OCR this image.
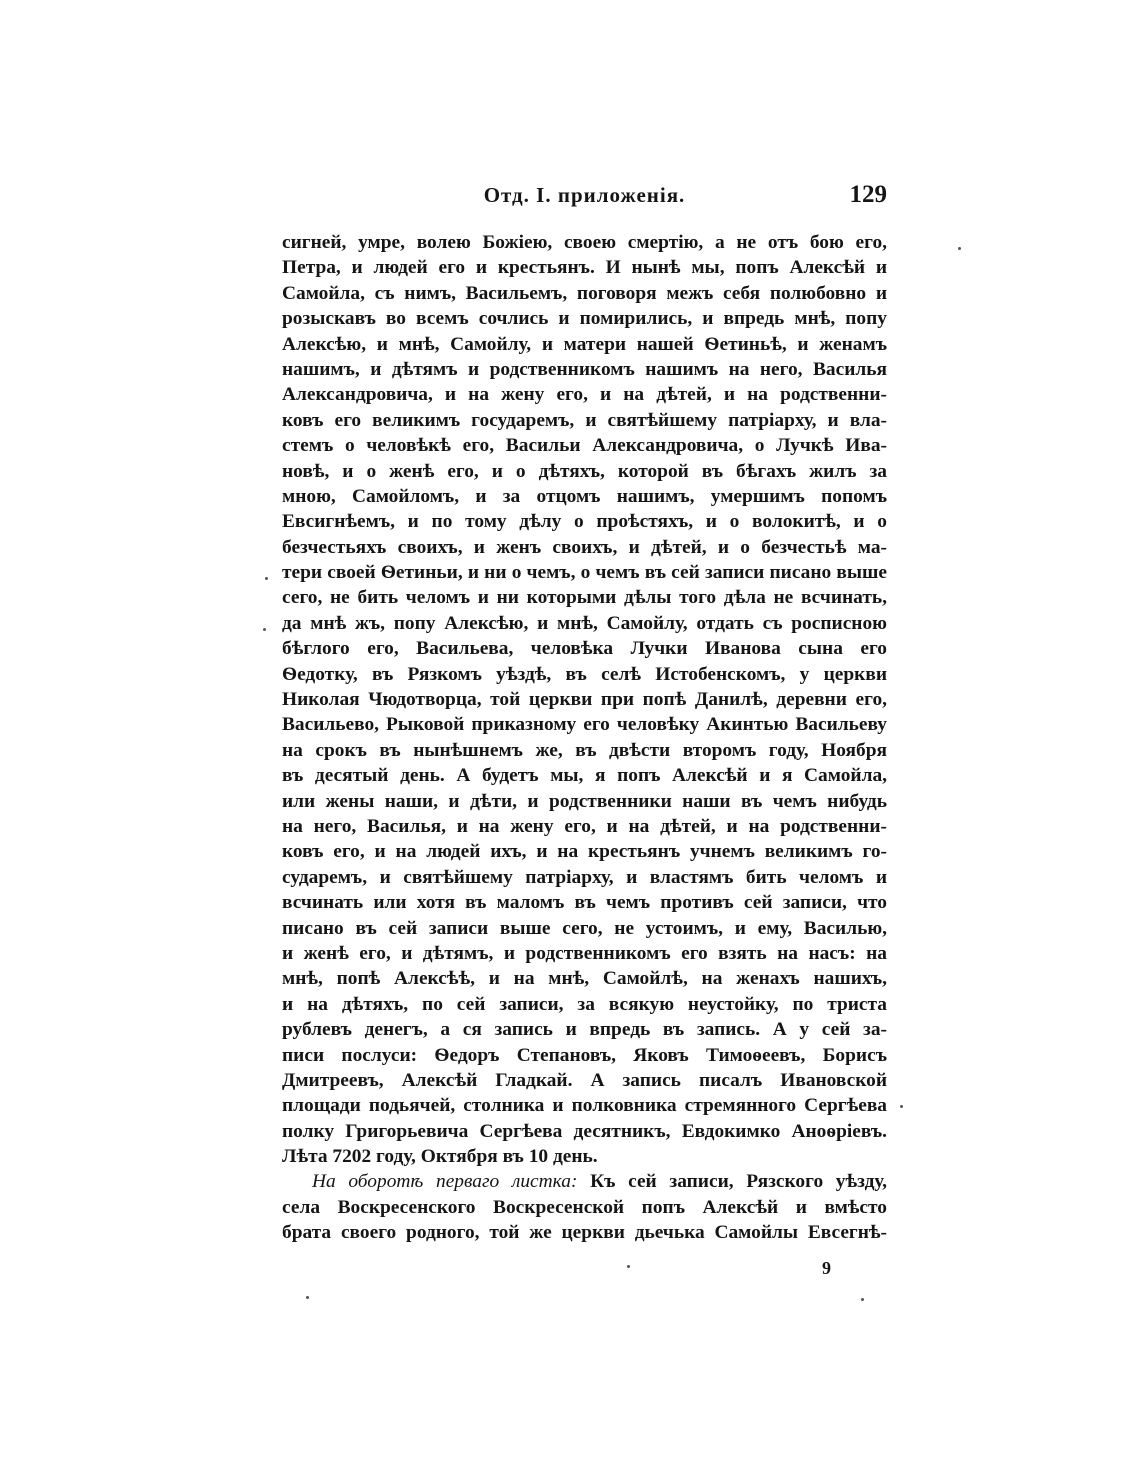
Отд. I. приложенія.	129
сигней, умре, волею Божіею, своею смертію, а не отъ бою его,
Петра, и людей его и крестьянъ. И нынѣ мы, попъ Алексѣй и
Самойла, съ нимъ, Васильемъ, поговоря межъ себя полюбовно и
розыскавъ во всемъ сочлись и помирились, и впредь мнѣ, попу
Алексѣю, и мнѣ, Самойлу, и матери нашей Ѳетиньѣ, и женамъ
нашимъ, и дѣтямъ и родственникомъ нашимъ на него, Василья
Александровича, и на жену его, и на дѣтей, и на родственни-
ковъ его великимъ государемъ, и святѣйшему патріарху, и вла-
стемъ о человѣкѣ его, Васильи Александровича, о Лучкѣ Ива-
новѣ, и о женѣ его, и о дѣтяхъ, которой въ бѣгахъ жилъ за
мною, Самойломъ, и за отцомъ нашимъ, умершимъ попомъ
Евсигнѣемъ, и по тому дѣлу о проѣстяхъ, и о волокитѣ, и о
безчестьяхъ своихъ, и женъ своихъ, и дѣтей, и о безчестьѣ ма-
тери своей Ѳетиньи, и ни о чемъ, о чемъ въ сей записи писано выше
сего, не бить челомъ и ни которыми дѣлы того дѣла не всчинать,
да мнѣ жъ, попу Алексѣю, и мнѣ, Самойлу, отдать съ росписною
бѣглого его, Васильева, человѣка Лучки Иванова сына его
Ѳедотку, въ Рязкомъ уѣздѣ, въ селѣ Истобенскомъ, у церкви
Николая Чюдотворца, той церкви при попѣ Данилѣ, деревни его,
Васильево, Рыковой приказному его человѣку Акинтью Васильеву
на срокъ въ нынѣшнемъ же, въ двѣсти второмъ году, Ноября
въ десятый день. А будетъ мы, я попъ Алексѣй и я Самойла,
или жены наши, и дѣти, и родственники наши въ чемъ нибудь
на него, Василья, и на жену его, и на дѣтей, и на родственни-
ковъ его, и на людей ихъ, и на крестьянъ учнемъ великимъ го-
сударемъ, и святѣйшему патріарху, и властямъ бить челомъ и
всчинать или хотя въ маломъ въ чемъ противъ сей записи, что
писано въ сей записи выше сего, не устоимъ, и ему, Василью,
и женѣ его, и дѣтямъ, и родственникомъ его взять на насъ: на
мнѣ, попѣ Алексѣѣ, и на мнѣ, Самойлѣ, на женахъ нашихъ,
и на дѣтяхъ, по сей записи, за всякую неустойку, по триста
рублевъ денегъ, а ся запись и впредь въ запись. А у сей за-
писи послуси: Ѳедоръ Степановъ, Яковъ Тимоѳеевъ, Борисъ
Дмитреевъ, Алексѣй Гладкай. А запись писалъ Ивановской
площади подьячей, столника и полковника стремянного Сергѣева
полку Григорьевича Сергѣева десятникъ, Евдокимко Аноѳріевъ.
Лѣта 7202 году, Октября въ 10 день.
На оборотѣ перваго листка: Къ сей записи, Рязского уѣзду,
села Воскресенского Воскресенской попъ Алексѣй и вмѣсто
брата своего родного, той же церкви дьечька Самойлы Евсегнѣ-
9
